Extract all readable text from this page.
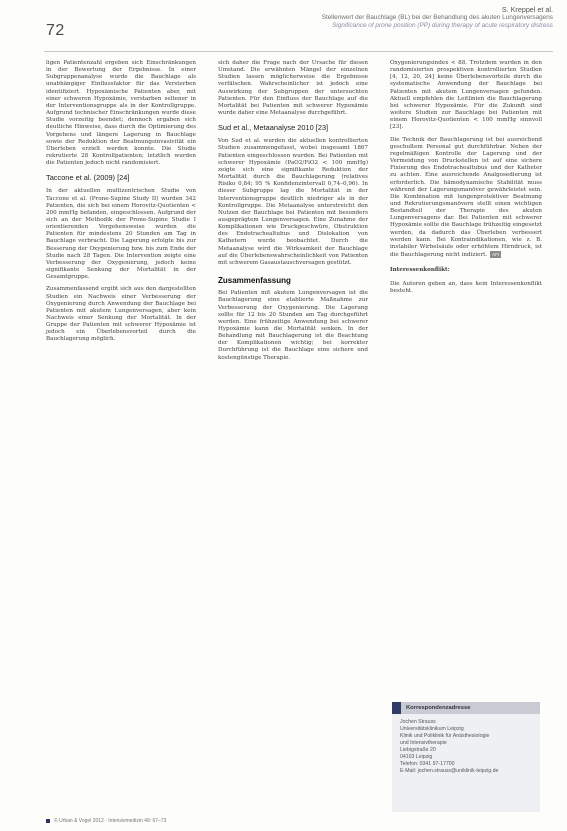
72
S. Kreppel et al.
Stellenwert der Bauchlage (BL) bei der Behandlung des akuten Lungenversagens
Significance of prone position (PP) during therapy of acute respiratory distress

ligen Patientenzahl ergeben sich Einschränkungen in der Bewertung der Ergebnisse. In einer Subgruppenanalyse wurde die Bauchlage als unabhängiger Einflussfaktor für das Versterben identifiziert. Hypoxämische Patienten aber, mit einer schweren Hypoxämie, verstarben seltener in der Interventionsgruppe als in der Kontrollgruppe. Aufgrund technischer Einschränkungen wurde diese Studie vorzeitig beendet; dennoch ergaben sich deutliche Hinweise, dass durch die Optimierung des Vorgehens und längere Lagerung in Bauchlage sowie der Reduktion der Beatmungsinvasivität ein Überleben erzielt werden konnte. Die Studie rekrutierte 28 Kontrollpatienten; letztlich wurden die Patienten jedoch nicht randomisiert.

Taccone et al. (2009) [24]

In der aktuellen multizentrischen Studie von Taccone et al. (Prone-Supine Study II) wurden 342 Patienten, die sich bei einem Horovitz-Quotienten < 200 mmHg befanden, eingeschlossen. Aufgrund der sich an der Methodik der Prone-Supine Studie I orientierenden Vorgehensweise wurden die Patienten für mindestens 20 Stunden am Tag in Bauchlage verbracht. Die Lagerung erfolgte bis zur Besserung der Oxygenierung bzw. bis zum Ende der Studie nach 28 Tagen. Die Intervention zeigte eine Verbesserung der Oxygenierung, jedoch keine signifikante Senkung der Mortalität in der Gesamtgruppe.

Zusammenfassend ergibt sich aus den dargestellten Studien ein Nachweis einer Verbesserung der Oxygenierung durch Anwendung der Bauchlage bei Patienten mit akutem Lungenversagen, aber kein Nachweis einer Senkung der Mortalität. In der Gruppe der Patienten mit schwerer Hypoxämie ist jedoch ein Überlebensvorteil durch die Bauchlagerung möglich.

sich daher die Frage nach der Ursache für diesen Umstand. Die erwähnten Mängel der einzelnen Studien lassen möglicherweise die Ergebnisse verfälschen. Wahrscheinlicher ist jedoch eine Auswirkung der Subgruppen der untersuchten Patienten. Für den Einfluss der Bauchlage auf die Mortalität bei Patienten mit schwerer Hypoxämie wurde daher eine Metaanalyse durchgeführt.

Sud et al., Metaanalyse 2010 [23]

Von Sud et al. wurden die aktuellen kontrollierten Studien zusammengefasst, wobei insgesamt 1867 Patienten eingeschlossen wurden. Bei Patienten mit schwerer Hypoxämie (PaO2/FiO2 < 100 mmHg) zeigte sich eine signifikante Reduktion der Mortalität durch die Bauchlagerung (relatives Risiko 0,84; 95 % Konfidenzintervall 0,74–0,96). In dieser Subgruppe lag die Mortalität in der Interventionsgruppe deutlich niedriger als in der Kontrollgruppe. Die Metaanalyse unterstreicht den Nutzen der Bauchlage bei Patienten mit besonders ausgeprägtem Lungenversagen. Eine Zunahme der Komplikationen wie Druckgeschwüre, Obstruktion des Endotrachealtubus und Dislokation von Kathetern wurde beobachtet. Durch die Metaanalyse wird die Wirksamkeit der Bauchlage auf die Überlebenswahrscheinlichkeit von Patienten mit schwerem Gasaustauschversagen gestützt.

Zusammenfassung

Bei Patienten mit akutem Lungenversagen ist die Bauchlagerung eine etablierte Maßnahme zur Verbesserung der Oxygenierung. Die Lagerung sollte für 12 bis 20 Stunden am Tag durchgeführt werden. Eine frühzeitige Anwendung bei schwerer Hypoxämie kann die Mortalität senken. In der Behandlung mit Bauchlagerung ist die Beachtung der Komplikationen wichtig; bei korrekter Durchführung ist die Bauchlage eine sichere und kostengünstige Therapie.

Oxygenierungsindex < 88. Trotzdem wurden in den randomisierten prospektiven kontrollierten Studien [4, 12, 20, 24] keine Überlebensvorteile durch die systematische Anwendung der Bauchlage bei Patienten mit akutem Lungenversagen gefunden. Aktuell empfehlen die Leitlinien die Bauchlagerung bei schwerer Hypoxämie. Für die Zukunft sind weitere Studien zur Bauchlage bei Patienten mit einem Horovitz-Quotienten < 100 mmHg sinnvoll [23].

Die Technik der Bauchlagerung ist bei ausreichend geschultem Personal gut durchführbar. Neben der regelmäßigen Kontrolle der Lagerung und der Vermeidung von Druckstellen ist auf eine sichere Fixierung des Endotrachealtubus und der Katheter zu achten. Eine ausreichende Analgosedierung ist erforderlich. Die hämodynamische Stabilität muss während der Lagerungsmanöver gewährleistet sein. Die Kombination mit lungenprotektiver Beatmung und Rekrutierungsmanövern stellt einen wichtigen Bestandteil der Therapie des akuten Lungenversagens dar. Bei Patienten mit schwerer Hypoxämie sollte die Bauchlage frühzeitig eingesetzt werden, da dadurch das Überleben verbessert werden kann. Bei Kontraindikationen, wie z. B. instabiler Wirbelsäule oder erhöhtem Hirndruck, ist die Bauchlagerung nicht indiziert. AFI

Interessenkonflikt:
Die Autoren geben an, dass kein Interessenkonflikt besteht.

Korrespondenzadresse
Jochen Strauss
Universitätsklinikum Leipzig
Klinik und Poliklinik für Anästhesiologie
und Intensivtherapie
Liebigstraße 20
04103 Leipzig
Telefon: 0341 97-17700
E-Mail: jochen.strauss@uniklinik-leipzig.de
© Urban & Vogel 2012 · Intensivmedizin 49: 67–73
